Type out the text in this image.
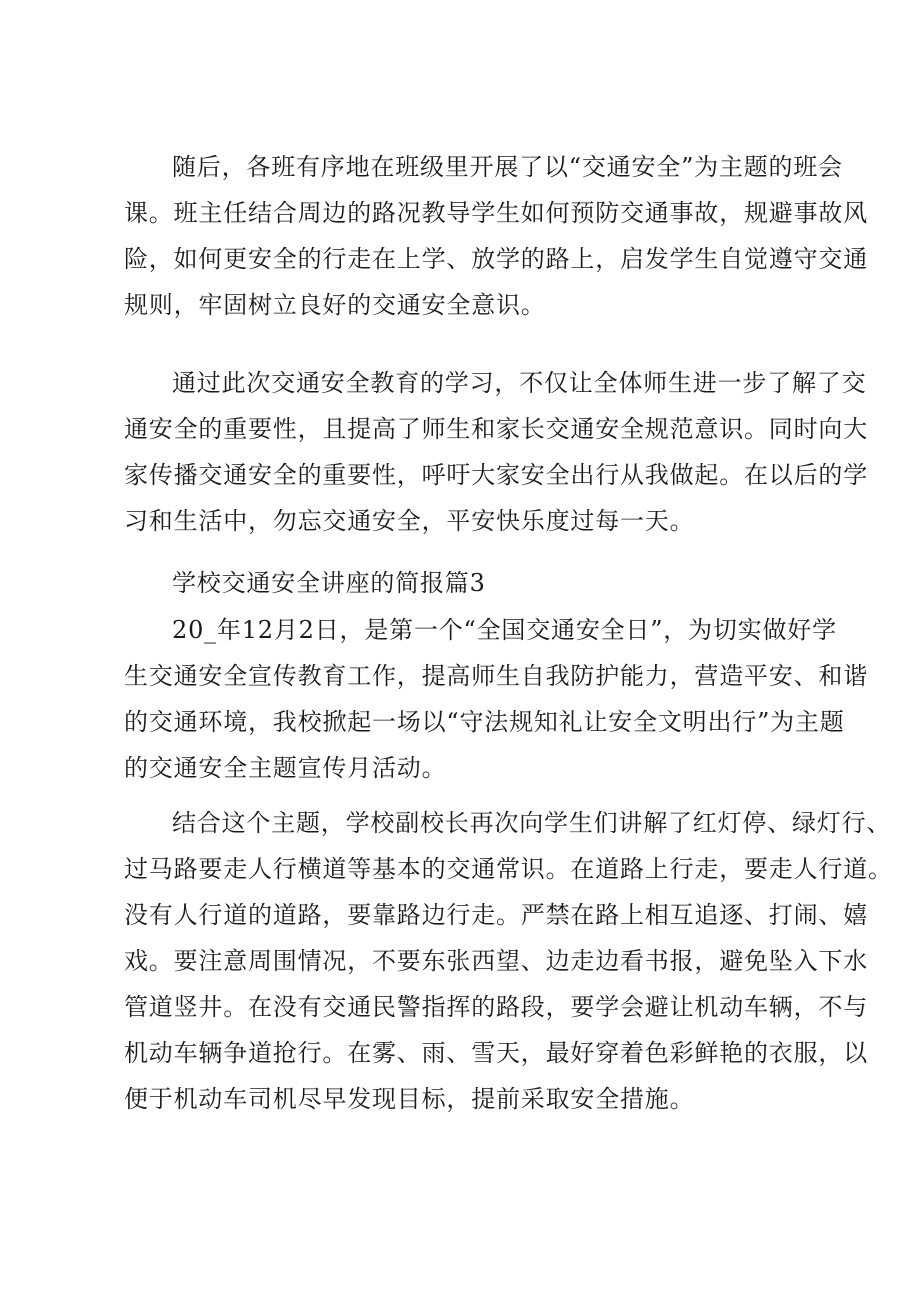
随后，各班有序地在班级里开展了以“交通安全”为主题的班会
课。班主任结合周边的路况教导学生如何预防交通事故，规避事故风
险，如何更安全的行走在上学、放学的路上，启发学生自觉遵守交通
规则，牢固树立良好的交通安全意识。
通过此次交通安全教育的学习，不仅让全体师生进一步了解了交
通安全的重要性，且提高了师生和家长交通安全规范意识。同时向大
家传播交通安全的重要性，呼吁大家安全出行从我做起。在以后的学
习和生活中，勿忘交通安全，平安快乐度过每一天。
学校交通安全讲座的简报篇3
20_年12月2日，是第一个“全国交通安全日”，为切实做好学
生交通安全宣传教育工作，提高师生自我防护能力，营造平安、和谐
的交通环境，我校掀起一场以“守法规知礼让安全文明出行”为主题
的交通安全主题宣传月活动。
结合这个主题，学校副校长再次向学生们讲解了红灯停、绿灯行、
过马路要走人行横道等基本的交通常识。在道路上行走，要走人行道。
没有人行道的道路，要靠路边行走。严禁在路上相互追逐、打闹、嬉
戏。要注意周围情况，不要东张西望、边走边看书报，避免坠入下水
管道竖井。在没有交通民警指挥的路段，要学会避让机动车辆，不与
机动车辆争道抢行。在雾、雨、雪天，最好穿着色彩鲜艳的衣服，以
便于机动车司机尽早发现目标，提前采取安全措施。
